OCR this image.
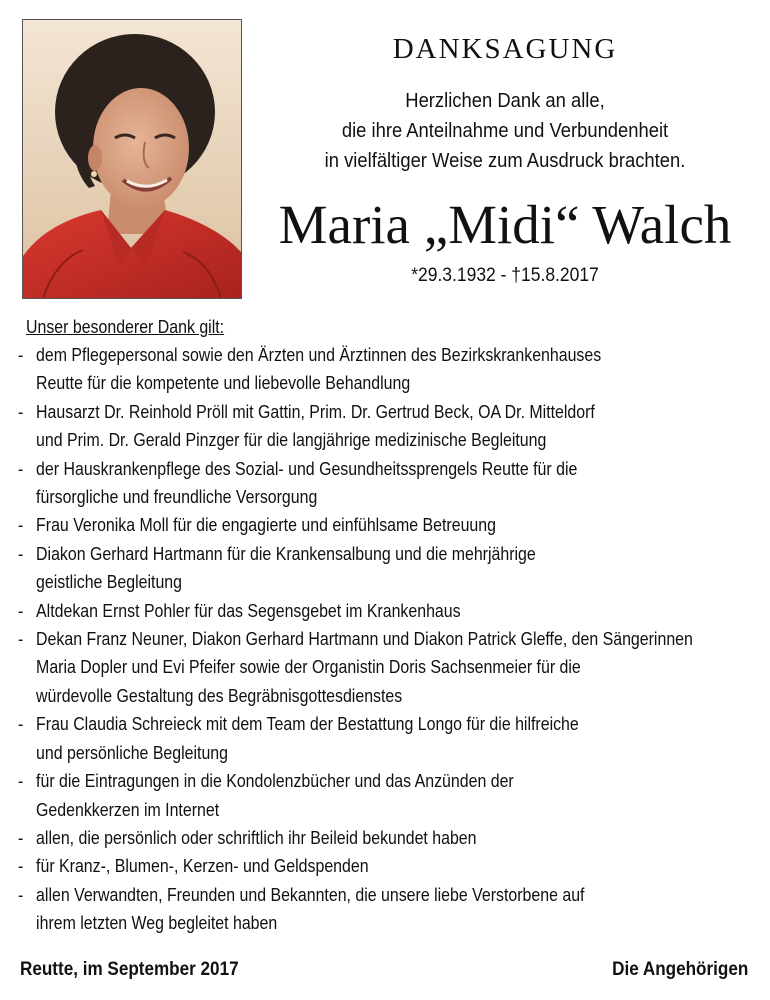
DANKSAGUNG
Herzlichen Dank an alle,
die ihre Anteilnahme und Verbundenheit
in vielfältiger Weise zum Ausdruck brachten.
Maria „Midi“ Walch
*29.3.1932 - †15.8.2017
Unser besonderer Dank gilt:
- dem Pflegepersonal sowie den Ärzten und Ärztinnen des Bezirkskrankenhauses
Reutte für die kompetente und liebevolle Behandlung
- Hausarzt Dr. Reinhold Pröll mit Gattin, Prim. Dr. Gertrud Beck, OA Dr. Mitteldorf
und Prim. Dr. Gerald Pinzger für die langjährige medizinische Begleitung
- der Hauskrankenpflege des Sozial- und Gesundheitssprengels Reutte für die
fürsorgliche und freundliche Versorgung
- Frau Veronika Moll für die engagierte und einfühlsame Betreuung
- Diakon Gerhard Hartmann für die Krankensalbung und die mehrjährige
geistliche Begleitung
- Altdekan Ernst Pohler für das Segensgebet im Krankenhaus
- Dekan Franz Neuner, Diakon Gerhard Hartmann und Diakon Patrick Gleffe, den Sängerinnen
Maria Dopler und Evi Pfeifer sowie der Organistin Doris Sachsenmeier für die
würdevolle Gestaltung des Begräbnisgottesdienstes
- Frau Claudia Schreieck mit dem Team der Bestattung Longo für die hilfreiche
und persönliche Begleitung
- für die Eintragungen in die Kondolenzbücher und das Anzünden der
Gedenkkerzen im Internet
- allen, die persönlich oder schriftlich ihr Beileid bekundet haben
- für Kranz-, Blumen-, Kerzen- und Geldspenden
- allen Verwandten, Freunden und Bekannten, die unsere liebe Verstorbene auf
ihrem letzten Weg begleitet haben
Reutte, im September 2017	Die Angehörigen
